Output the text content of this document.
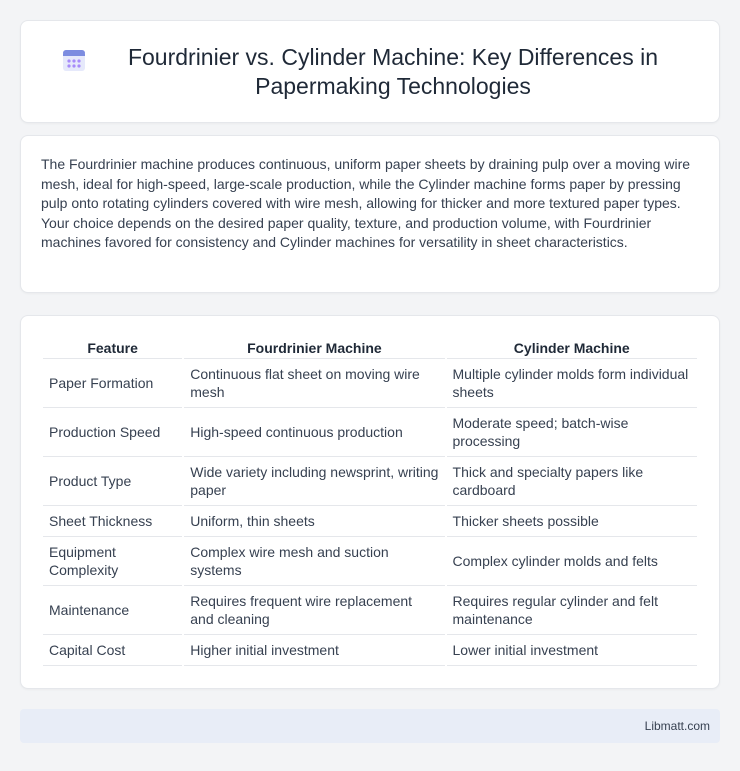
Fourdrinier vs. Cylinder Machine: Key Differences in Papermaking Technologies

The Fourdrinier machine produces continuous, uniform paper sheets by draining pulp over a moving wire mesh, ideal for high-speed, large-scale production, while the Cylinder machine forms paper by pressing pulp onto rotating cylinders covered with wire mesh, allowing for thicker and more textured paper types. Your choice depends on the desired paper quality, texture, and production volume, with Fourdrinier machines favored for consistency and Cylinder machines for versatility in sheet characteristics.

Feature	Fourdrinier Machine	Cylinder Machine
Paper Formation	Continuous flat sheet on moving wire mesh	Multiple cylinder molds form individual sheets
Production Speed	High-speed continuous production	Moderate speed; batch-wise processing
Product Type	Wide variety including newsprint, writing paper	Thick and specialty papers like cardboard
Sheet Thickness	Uniform, thin sheets	Thicker sheets possible
Equipment Complexity	Complex wire mesh and suction systems	Complex cylinder molds and felts
Maintenance	Requires frequent wire replacement and cleaning	Requires regular cylinder and felt maintenance
Capital Cost	Higher initial investment	Lower initial investment
Libmatt.com
